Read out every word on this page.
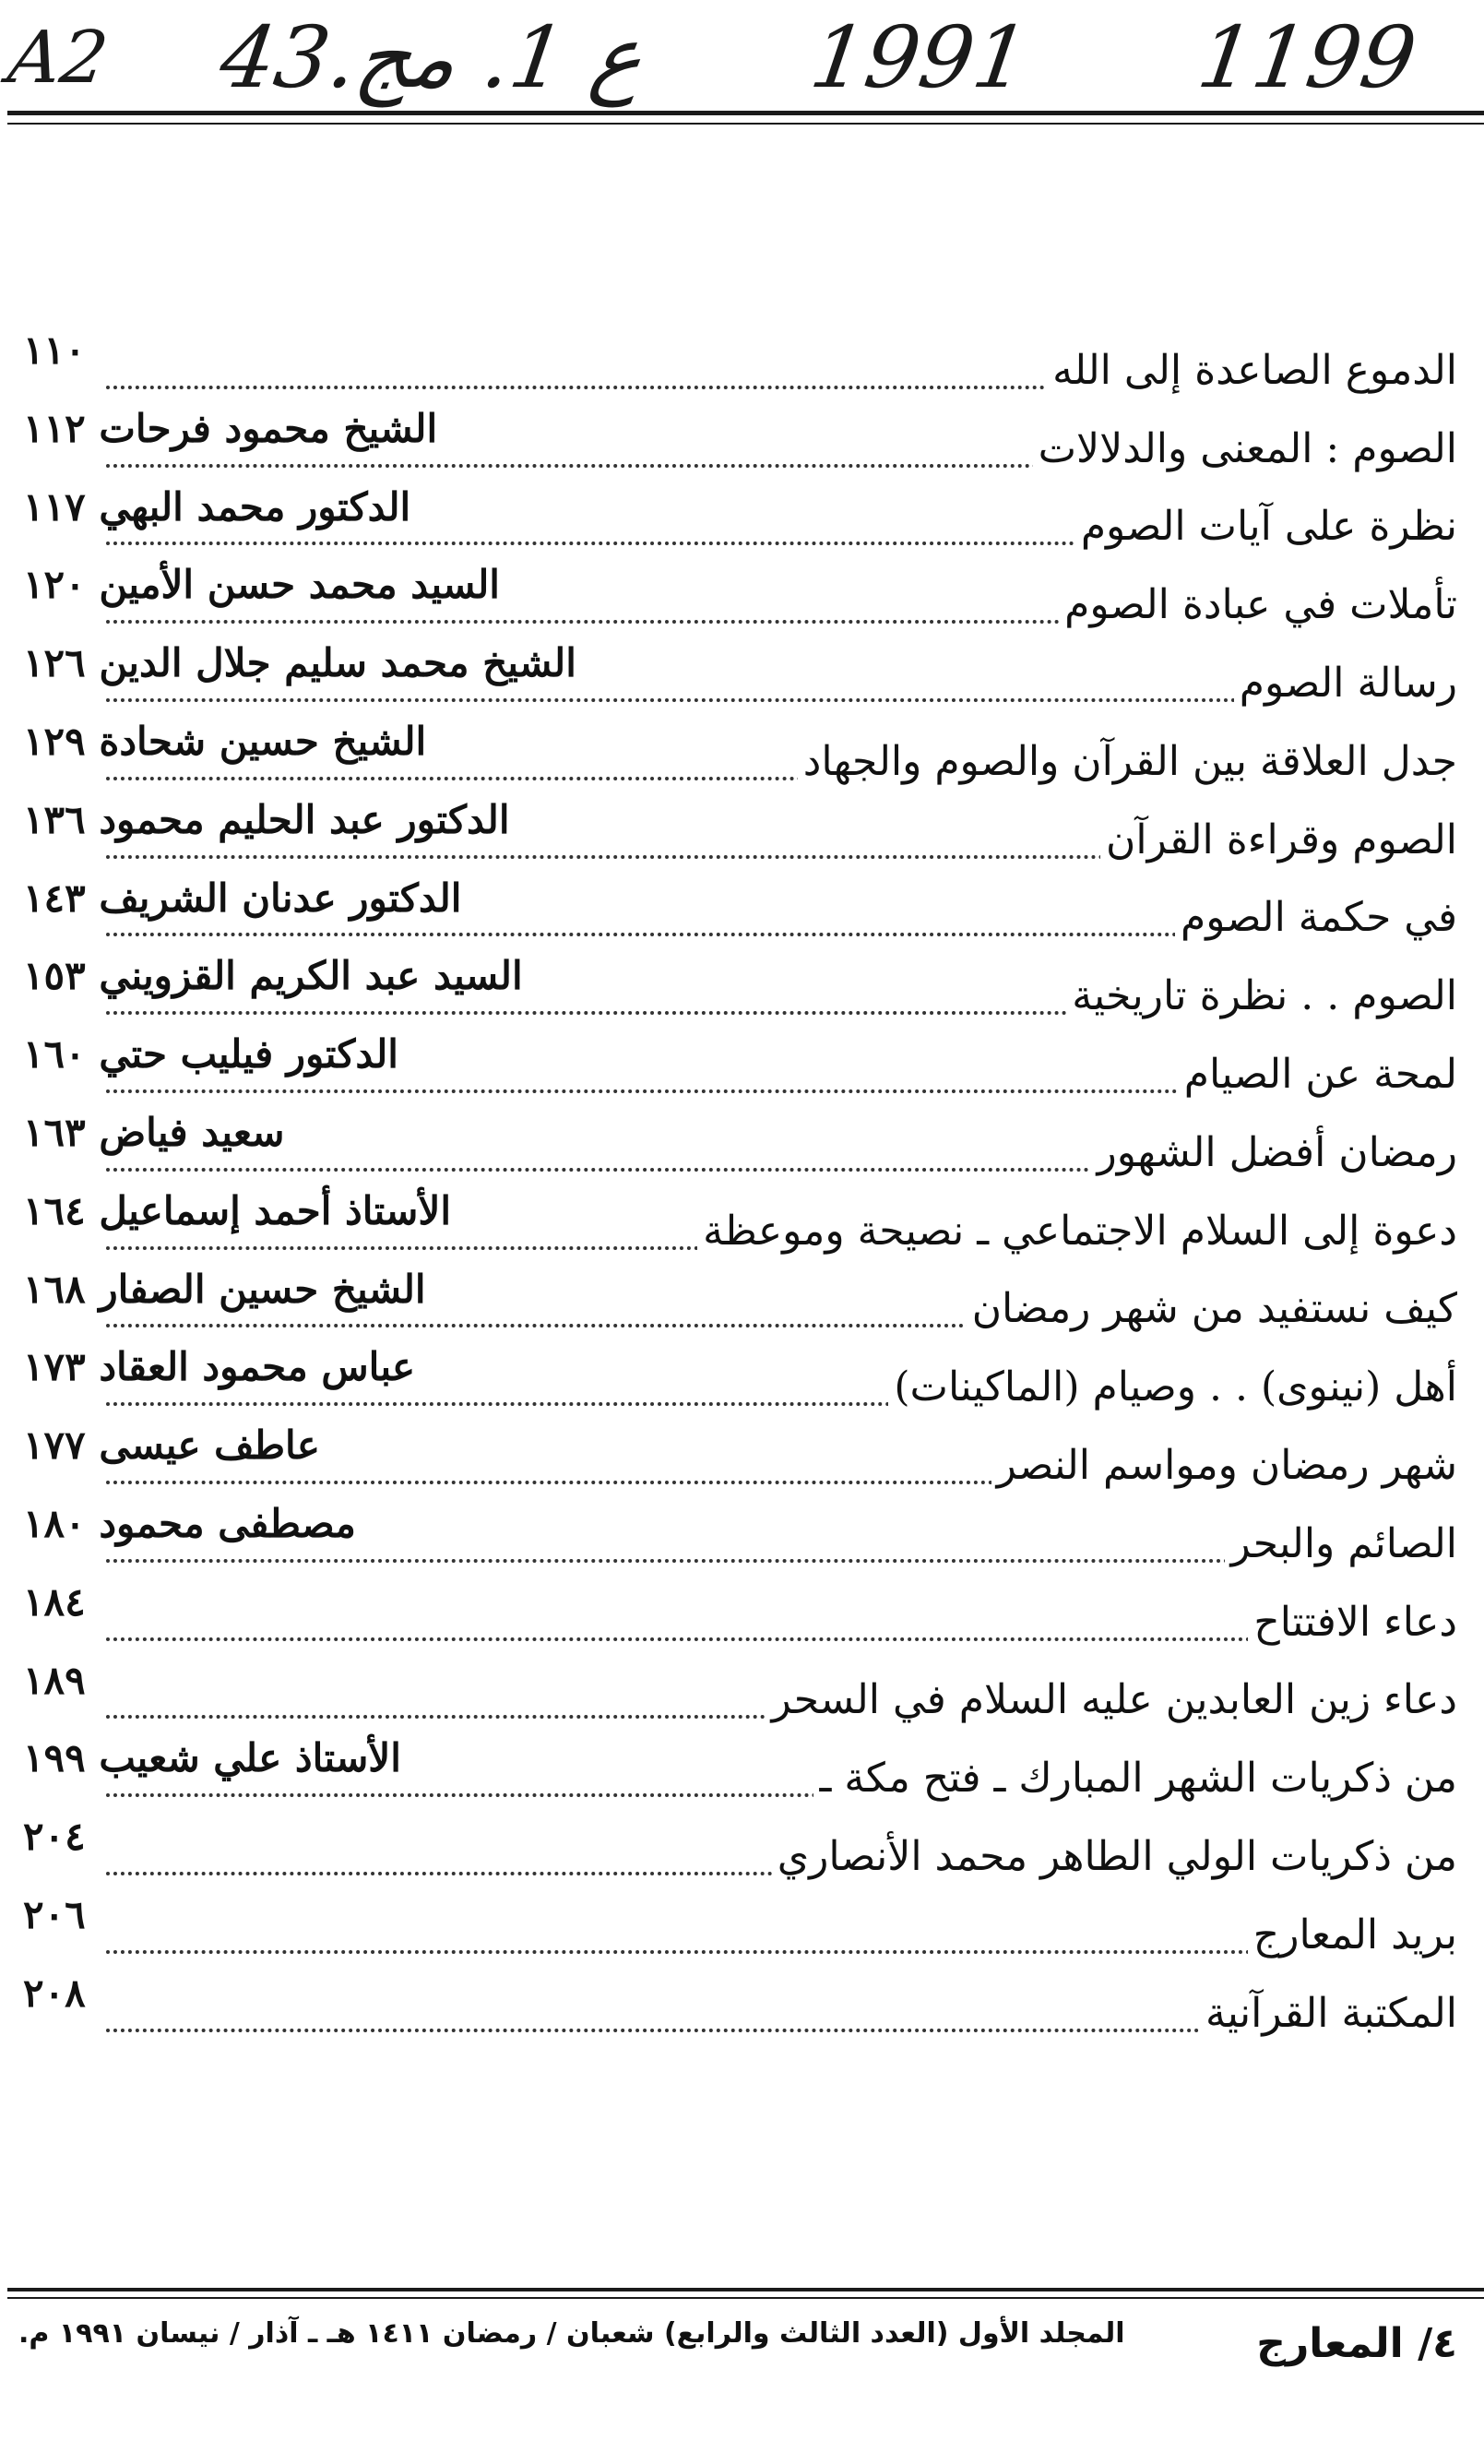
A2 43.ع 1. مج 1991 1199
الدموع الصاعدة إلى الله
١١٠
الصوم : المعنى والدلالات
الشيخ محمود فرحات ١١٢
نظرة على آيات الصوم
الدكتور محمد البهي ١١٧
تأملات في عبادة الصوم
السيد محمد حسن الأمين ١٢٠
رسالة الصوم
الشيخ محمد سليم جلال الدين ١٢٦
جدل العلاقة بين القرآن والصوم والجهاد
الشيخ حسين شحادة ١٢٩
الصوم وقراءة القرآن
الدكتور عبد الحليم محمود ١٣٦
في حكمة الصوم
الدكتور عدنان الشريف ١٤٣
الصوم . . نظرة تاريخية
السيد عبد الكريم القزويني ١٥٣
لمحة عن الصيام
الدكتور فيليب حتي ١٦٠
رمضان أفضل الشهور
سعيد فياض ١٦٣
دعوة إلى السلام الاجتماعي ـ نصيحة وموعظة
الأستاذ أحمد إسماعيل ١٦٤
كيف نستفيد من شهر رمضان
الشيخ حسين الصفار ١٦٨
أهل (نينوى) . . وصيام (الماكينات)
عباس محمود العقاد ١٧٣
شهر رمضان ومواسم النصر
عاطف عيسى ١٧٧
الصائم والبحر
مصطفى محمود ١٨٠
دعاء الافتتاح
١٨٤
دعاء زين العابدين عليه السلام في السحر
١٨٩
من ذكريات الشهر المبارك ـ فتح مكة ـ
الأستاذ علي شعيب ١٩٩
من ذكريات الولي الطاهر محمد الأنصاري
٢٠٤
بريد المعارج
٢٠٦
المكتبة القرآنية
٢٠٨
٤/ المعارج
المجلد الأول (العدد الثالث والرابع) شعبان / رمضان ١٤١١ هـ ـ آذار / نيسان ١٩٩١ م.
